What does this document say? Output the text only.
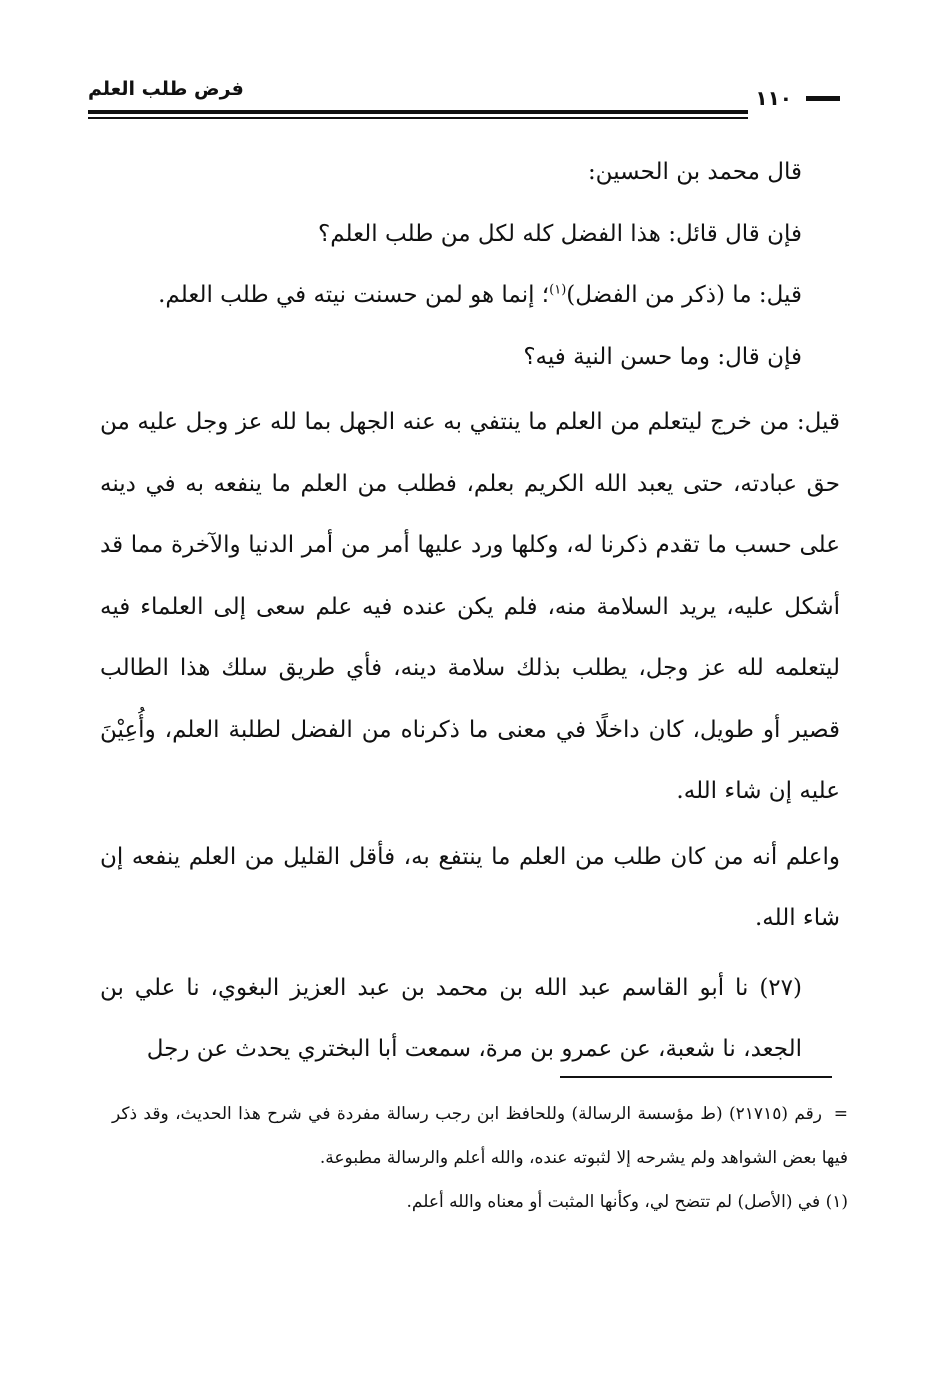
فرض طلب العلم	١١٠

قال محمد بن الحسين:

فإن قال قائل: هذا الفضل كله لكل من طلب العلم؟

قيل: ما (ذكر من الفضل)$^{(١)}$؛ إنما هو لمن حسنت نيته في طلب العلم.

فإن قال: وما حسن النية فيه؟

قيل: من خرج ليتعلم من العلم ما ينتفي به عنه الجهل بما لله عز وجل عليه من حق عبادته، حتى يعبد الله الكريم بعلم، فطلب من العلم ما ينفعه به في دينه على حسب ما تقدم ذكرنا له، وكلها ورد عليها أمر من أمر الدنيا والآخرة مما قد أشكل عليه، يريد السلامة منه، فلم يكن عنده فيه علم سعى إلى العلماء فيه ليتعلمه لله عز وجل، يطلب بذلك سلامة دينه، فأي طريق سلك هذا الطالب قصير أو طويل، كان داخلًا في معنى ما ذكرناه من الفضل لطلبة العلم، وأُعِيْنَ عليه إن شاء الله.

واعلم أنه من كان طلب من العلم ما ينتفع به، فأقل القليل من العلم ينفعه إن شاء الله.

(٢٧) نا أبو القاسم عبد الله بن محمد بن عبد العزيز البغوي، نا علي بن الجعد، نا شعبة، عن عمرو بن مرة، سمعت أبا البختري يحدث عن رجل

=رقم (٢١٧١٥) (ط مؤسسة الرسالة) وللحافظ ابن رجب رسالة مفردة في شرح هذا الحديث، وقد ذكر فيها بعض الشواهد ولم يشرحه إلا لثبوته عنده، والله أعلم والرسالة مطبوعة.

(١) في (الأصل) لم تتضح لي، وكأنها المثبت أو معناه والله أعلم.
